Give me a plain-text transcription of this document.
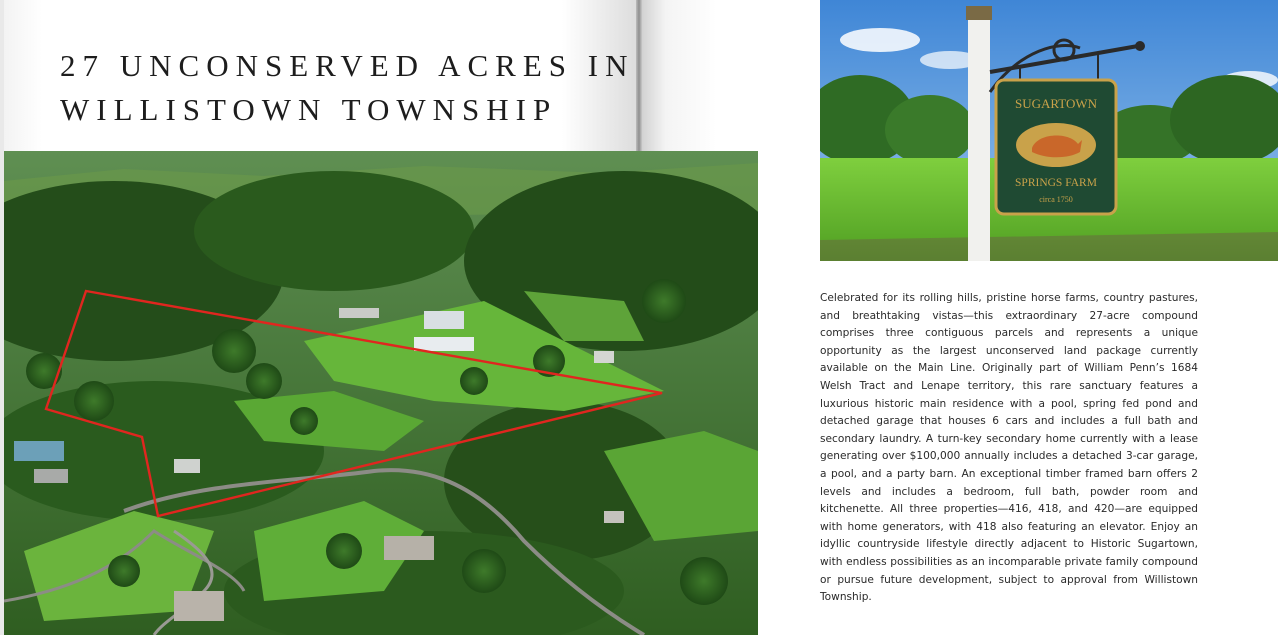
27 UNCONSERVED ACRES IN
WILLISTOWN TOWNSHIP	SUGARTOWN
SPRINGS FARM
circa 1750

Celebrated for its rolling hills, pristine horse farms, country pastures, and breathtaking vistas—this extraordinary 27-acre compound comprises three contiguous parcels and represents a unique opportunity as the largest unconserved land package currently available on the Main Line. Originally part of William Penn’s 1684 Welsh Tract and Lenape territory, this rare sanctuary features a luxurious historic main residence with a pool, spring fed pond and detached garage that houses 6 cars and includes a full bath and secondary laundry. A turn-key secondary home currently with a lease generating over $100,000 annually includes a detached 3-car garage, a pool, and a party barn. An exceptional timber framed barn offers 2 levels and includes a bedroom, full bath, powder room and kitchenette. All three properties—416, 418, and 420—are equipped with home generators, with 418 also featuring an elevator. Enjoy an idyllic countryside lifestyle directly adjacent to Historic Sugartown, with endless possibilities as an incomparable private family compound or pursue future development, subject to approval from Willistown Township.
